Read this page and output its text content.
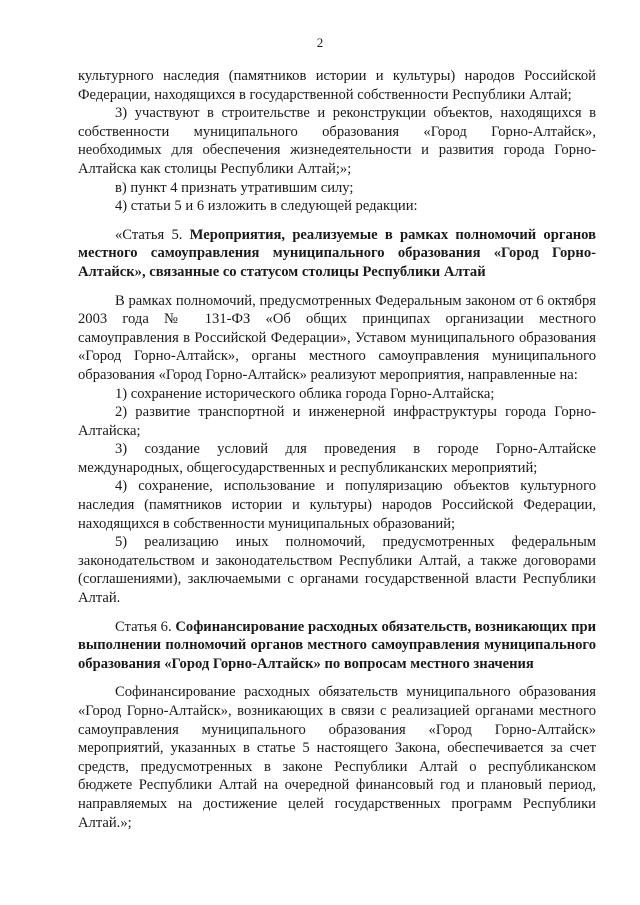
2

культурного наследия (памятников истории и культуры) народов Российской Федерации, находящихся в государственной собственности Республики Алтай;

3) участвуют в строительстве и реконструкции объектов, находящихся в собственности муниципального образования «Город Горно-Алтайск», необходимых для обеспечения жизнедеятельности и развития города Горно-Алтайска как столицы Республики Алтай;»;

в) пункт 4 признать утратившим силу;

4) статьи 5 и 6 изложить в следующей редакции:

«Статья 5. Мероприятия, реализуемые в рамках полномочий органов местного самоуправления муниципального образования «Город Горно-Алтайск», связанные со статусом столицы Республики Алтай

В рамках полномочий, предусмотренных Федеральным законом от 6 октября 2003 года № 131-ФЗ «Об общих принципах организации местного самоуправления в Российской Федерации», Уставом муниципального образования «Город Горно-Алтайск», органы местного самоуправления муниципального образования «Город Горно-Алтайск» реализуют мероприятия, направленные на:

1) сохранение исторического облика города Горно-Алтайска;

2) развитие транспортной и инженерной инфраструктуры города Горно-Алтайска;

3) создание условий для проведения в городе Горно-Алтайске международных, общегосударственных и республиканских мероприятий;

4) сохранение, использование и популяризацию объектов культурного наследия (памятников истории и культуры) народов Российской Федерации, находящихся в собственности муниципальных образований;

5) реализацию иных полномочий, предусмотренных федеральным законодательством и законодательством Республики Алтай, а также договорами (соглашениями), заключаемыми с органами государственной власти Республики Алтай.

Статья 6. Софинансирование расходных обязательств, возникающих при выполнении полномочий органов местного самоуправления муниципального образования «Город Горно-Алтайск» по вопросам местного значения

Софинансирование расходных обязательств муниципального образования «Город Горно-Алтайск», возникающих в связи с реализацией органами местного самоуправления муниципального образования «Город Горно-Алтайск» мероприятий, указанных в статье 5 настоящего Закона, обеспечивается за счет средств, предусмотренных в законе Республики Алтай о республиканском бюджете Республики Алтай на очередной финансовый год и плановый период, направляемых на достижение целей государственных программ Республики Алтай.»;
